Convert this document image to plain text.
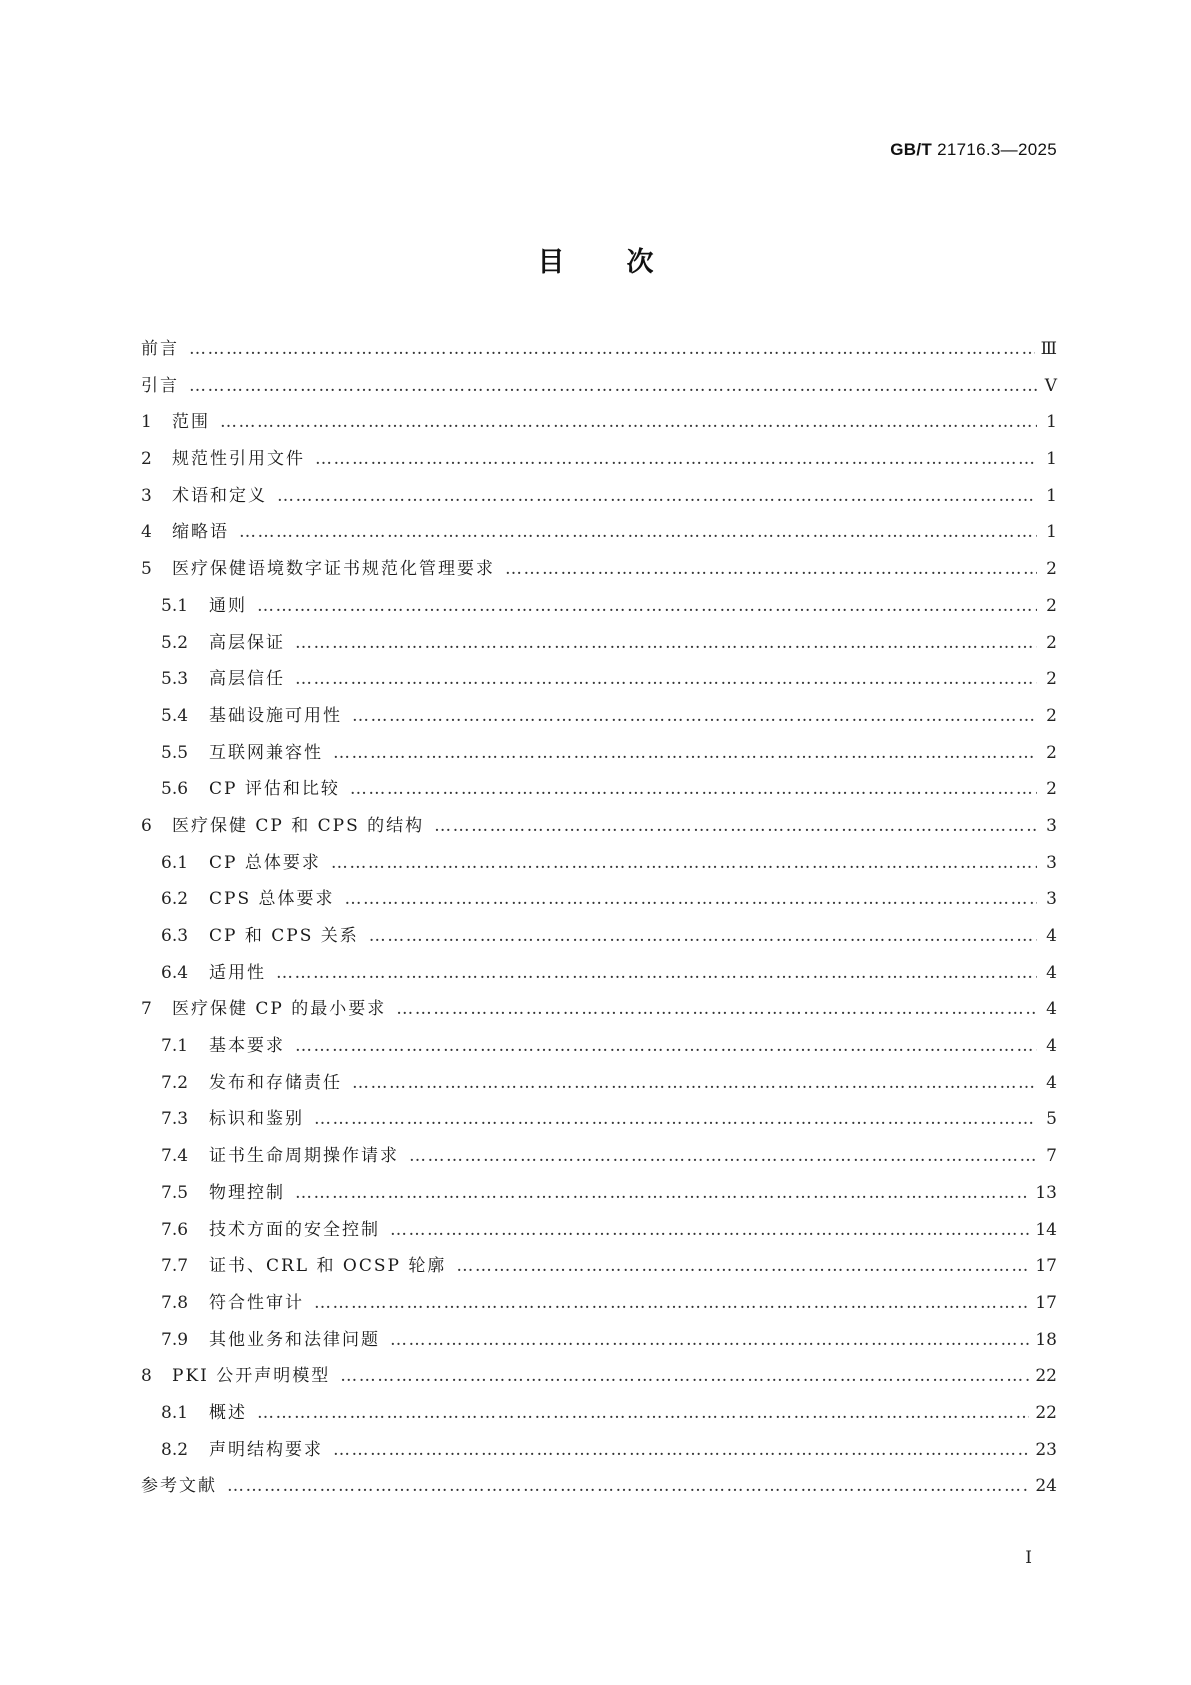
GB/T 21716.3—2025
目次
前言 …………………………………………………………………………………………………………………………………………………………………………………………	Ⅲ
引言 …………………………………………………………………………………………………………………………………………………………………………………………	Ⅴ
1	范围 …………………………………………………………………………………………………………………………………………………………………………………………	1
2	规范性引用文件 …………………………………………………………………………………………………………………………………………………………………………………………	1
3	术语和定义 …………………………………………………………………………………………………………………………………………………………………………………………	1
4	缩略语 …………………………………………………………………………………………………………………………………………………………………………………………	1
5	医疗保健语境数字证书规范化管理要求 …………………………………………………………………………………………………………………………………………………………………………………………	2
5.1	通则 …………………………………………………………………………………………………………………………………………………………………………………………	2
5.2	高层保证 …………………………………………………………………………………………………………………………………………………………………………………………	2
5.3	高层信任 …………………………………………………………………………………………………………………………………………………………………………………………	2
5.4	基础设施可用性 …………………………………………………………………………………………………………………………………………………………………………………………	2
5.5	互联网兼容性 …………………………………………………………………………………………………………………………………………………………………………………………	2
5.6	CP 评估和比较 …………………………………………………………………………………………………………………………………………………………………………………………	2
6	医疗保健 CP 和 CPS 的结构 …………………………………………………………………………………………………………………………………………………………………………………………	3
6.1	CP 总体要求 …………………………………………………………………………………………………………………………………………………………………………………………	3
6.2	CPS 总体要求 …………………………………………………………………………………………………………………………………………………………………………………………	3
6.3	CP 和 CPS 关系 …………………………………………………………………………………………………………………………………………………………………………………………	4
6.4	适用性 …………………………………………………………………………………………………………………………………………………………………………………………	4
7	医疗保健 CP 的最小要求 …………………………………………………………………………………………………………………………………………………………………………………………	4
7.1	基本要求 …………………………………………………………………………………………………………………………………………………………………………………………	4
7.2	发布和存储责任 …………………………………………………………………………………………………………………………………………………………………………………………	4
7.3	标识和鉴别 …………………………………………………………………………………………………………………………………………………………………………………………	5
7.4	证书生命周期操作请求 …………………………………………………………………………………………………………………………………………………………………………………………	7
7.5	物理控制 …………………………………………………………………………………………………………………………………………………………………………………………	13
7.6	技术方面的安全控制 …………………………………………………………………………………………………………………………………………………………………………………………	14
7.7	证书、CRL 和 OCSP 轮廓 …………………………………………………………………………………………………………………………………………………………………………………………	17
7.8	符合性审计 …………………………………………………………………………………………………………………………………………………………………………………………	17
7.9	其他业务和法律问题 …………………………………………………………………………………………………………………………………………………………………………………………	18
8	PKI 公开声明模型 …………………………………………………………………………………………………………………………………………………………………………………………	22
8.1	概述 …………………………………………………………………………………………………………………………………………………………………………………………	22
8.2	声明结构要求 …………………………………………………………………………………………………………………………………………………………………………………………	23
参考文献 …………………………………………………………………………………………………………………………………………………………………………………………	24
Ⅰ
